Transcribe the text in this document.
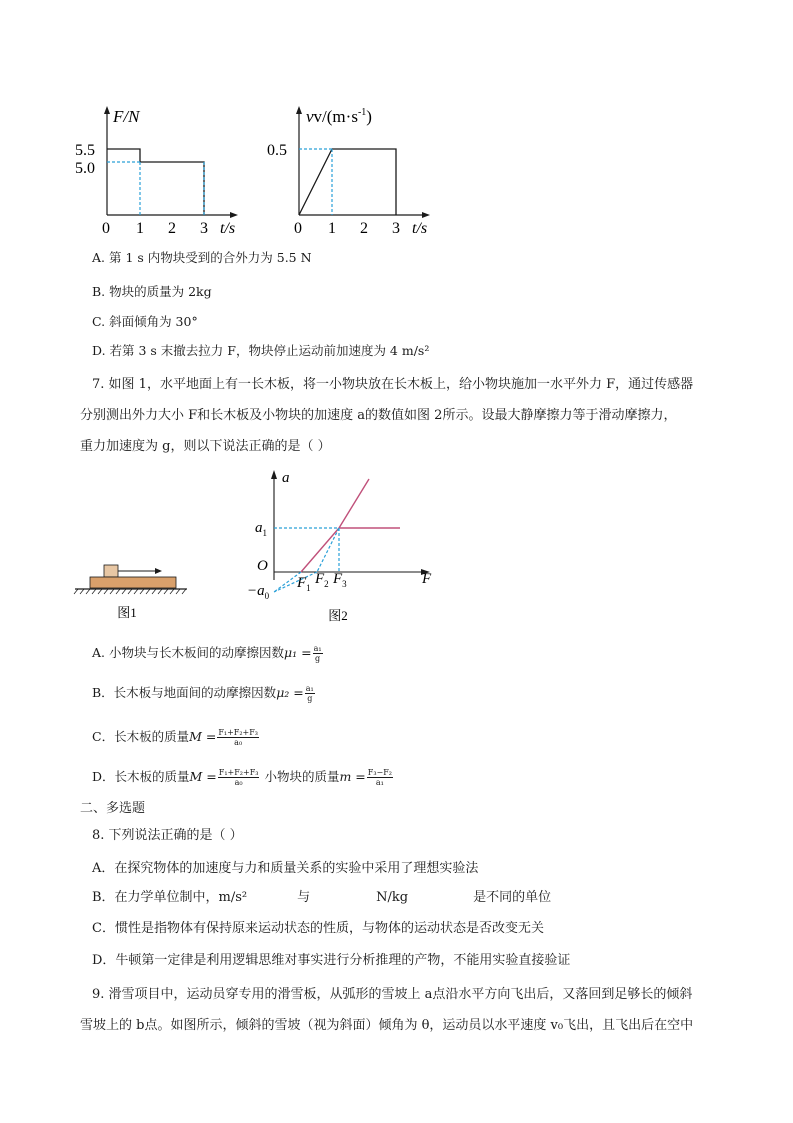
F/N
5.5
5.0
0 1 2 3 t/s
$vv/(m\cdot s^{-1})$
0.5
0 1 2 3 t/s
A. 第 1 s 内物块受到的合外力为 5.5 N
B. 物块的质量为 2kg
C. 斜面倾角为 30°
D. 若第 3 s 末撤去拉力 F，物块停止运动前加速度为 4 m/s²
7. 如图 1，水平地面上有一长木板，将一小物块放在长木板上，给小物块施加一水平外力 F，通过传感器
分别测出外力大小 F和长木板及小物块的加速度 a的数值如图 2所示。设最大静摩擦力等于滑动摩擦力，
重力加速度为 g，则以下说法正确的是（ ）
图1
a
F
O
$a_1$
$-a_0$
$F_1$
$F_2$ $F_3$
图2
A. 小物块与长木板间的动摩擦因数$\mu_1 = \frac{\text{a₁}}{g}$
B．长木板与地面间的动摩擦因数$\mu_2 = \frac{\text{a₁}}{g}$
C．长木板的质量$M = \frac{\text{F₁+F₂+F₃}}{\text{a₀}}$
D．长木板的质量$M = \frac{\text{F₁+F₂+F₃}}{\text{a₀}}$ 小物块的质量$m = \frac{\text{F₃−F₂}}{\text{a₁}}$
二、多选题
8. 下列说法正确的是（ ）
A．在探究物体的加速度与力和质量关系的实验中采用了理想实验法
B．在力学单位制中，m/s²	与	N/kg	是不同的单位
C．惯性是指物体有保持原来运动状态的性质，与物体的运动状态是否改变无关
D．牛顿第一定律是利用逻辑思维对事实进行分析推理的产物，不能用实验直接验证
9. 滑雪项目中，运动员穿专用的滑雪板，从弧形的雪坡上 a点沿水平方向飞出后，又落回到足够长的倾斜
雪坡上的 b点。如图所示，倾斜的雪坡（视为斜面）倾角为 θ，运动员以水平速度 v₀飞出，且飞出后在空中
